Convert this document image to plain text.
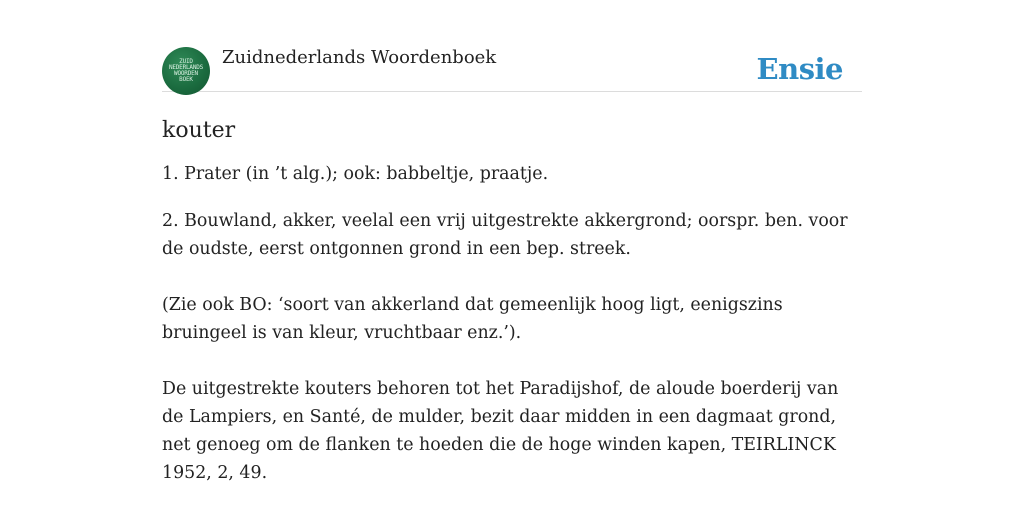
ZUID
NEDERLANDS
WOORDEN
BOEK
Zuidnederlands Woordenboek	Ensie
kouter

1. Prater (in ’t alg.); ook: babbeltje, praatje.

2. Bouwland, akker, veelal een vrij uitgestrekte akkergrond; oorspr. ben. voor de oudste, eerst ontgonnen grond in een bep. streek.

(Zie ook BO: ‘soort van akkerland dat gemeenlijk hoog ligt, eenigszins bruingeel is van kleur, vruchtbaar enz.’).

De uitgestrekte kouters behoren tot het Paradijshof, de aloude boerderij van de Lampiers, en Santé, de mulder, bezit daar midden in een dagmaat grond, net genoeg om de flanken te hoeden die de hoge winden kapen, TEIRLINCK 1952, 2, 49.
